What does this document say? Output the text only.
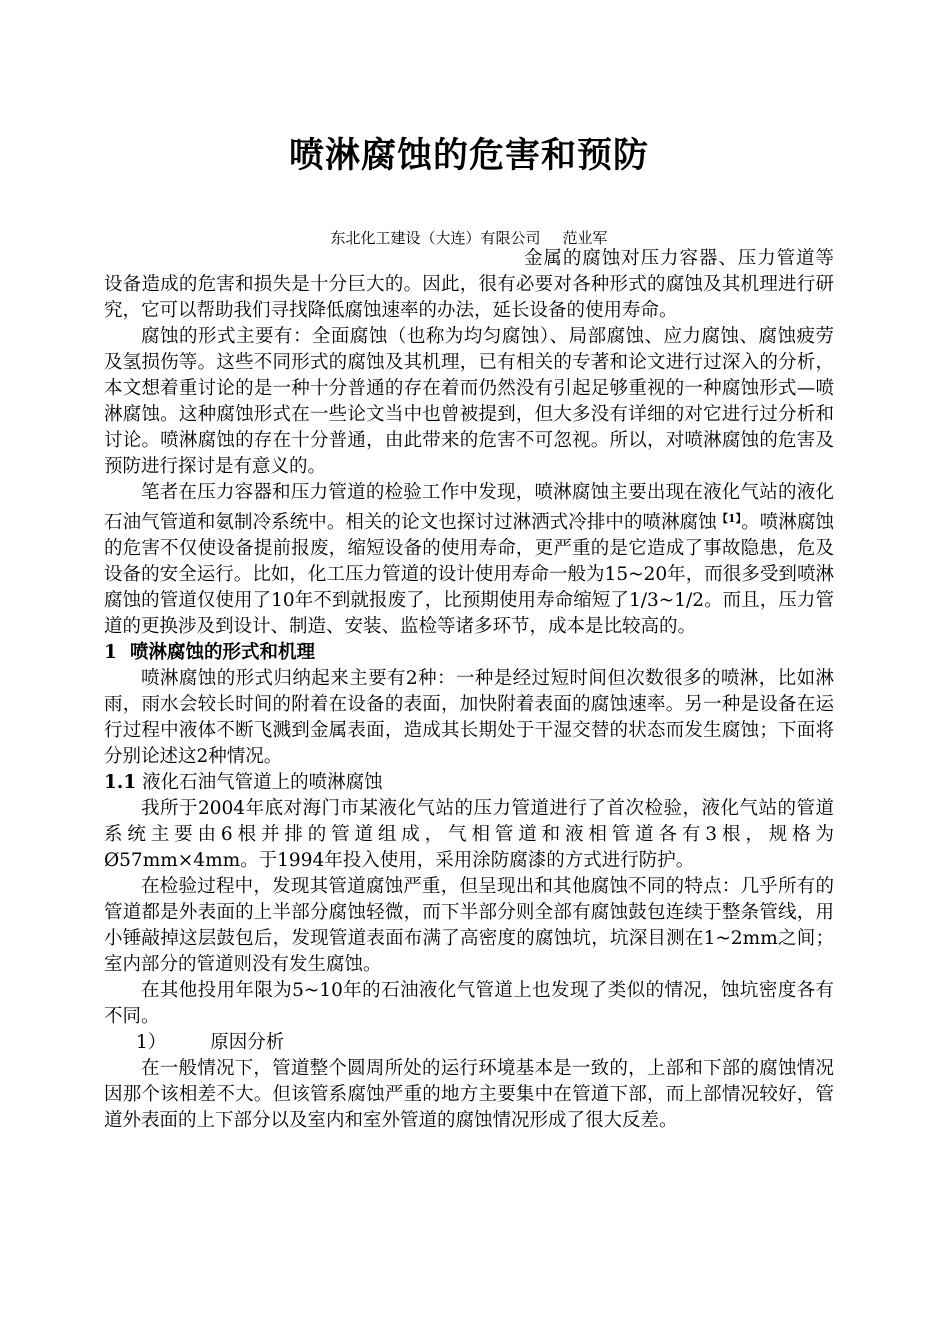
喷淋腐蚀的危害和预防
东北化工建设（大连）有限公司 范业军

金属的腐蚀对压力容器、压力管道等设备造成的危害和损失是十分巨大的。因此，很有必要对各种形式的腐蚀及其机理进行研究，它可以帮助我们寻找降低腐蚀速率的办法，延长设备的使用寿命。

腐蚀的形式主要有：全面腐蚀（也称为均匀腐蚀）、局部腐蚀、应力腐蚀、腐蚀疲劳及氢损伤等。这些不同形式的腐蚀及其机理，已有相关的专著和论文进行过深入的分析，本文想着重讨论的是一种十分普通的存在着而仍然没有引起足够重视的一种腐蚀形式—喷淋腐蚀。这种腐蚀形式在一些论文当中也曾被提到，但大多没有详细的对它进行过分析和讨论。喷淋腐蚀的存在十分普通，由此带来的危害不可忽视。所以，对喷淋腐蚀的危害及预防进行探讨是有意义的。

笔者在压力容器和压力管道的检验工作中发现，喷淋腐蚀主要出现在液化气站的液化石油气管道和氨制冷系统中。相关的论文也探讨过淋洒式冷排中的喷淋腐蚀$^{【1】}$。喷淋腐蚀的危害不仅使设备提前报废，缩短设备的使用寿命，更严重的是它造成了事故隐患，危及设备的安全运行。比如，化工压力管道的设计使用寿命一般为15~20年，而很多受到喷淋腐蚀的管道仅使用了10年不到就报废了，比预期使用寿命缩短了1/3~1/2。而且，压力管道的更换涉及到设计、制造、安装、监检等诸多环节，成本是比较高的。

1 喷淋腐蚀的形式和机理

喷淋腐蚀的形式归纳起来主要有2种：一种是经过短时间但次数很多的喷淋，比如淋雨，雨水会较长时间的附着在设备的表面，加快附着表面的腐蚀速率。另一种是设备在运行过程中液体不断飞溅到金属表面，造成其长期处于干湿交替的状态而发生腐蚀；下面将分别论述这2种情况。

1.1 液化石油气管道上的喷淋腐蚀

我所于2004年底对海门市某液化气站的压力管道进行了首次检验，液化气站的管道系统主要由6根并排的管道组成，气相管道和液相管道各有3根，规格为Ø57mm×4mm。于1994年投入使用，采用涂防腐漆的方式进行防护。

在检验过程中，发现其管道腐蚀严重，但呈现出和其他腐蚀不同的特点：几乎所有的管道都是外表面的上半部分腐蚀轻微，而下半部分则全部有腐蚀鼓包连续于整条管线，用小锤敲掉这层鼓包后，发现管道表面布满了高密度的腐蚀坑，坑深目测在1~2mm之间；室内部分的管道则没有发生腐蚀。

在其他投用年限为5~10年的石油液化气管道上也发现了类似的情况，蚀坑密度各有不同。

1） 原因分析

在一般情况下，管道整个圆周所处的运行环境基本是一致的，上部和下部的腐蚀情况因那个该相差不大。但该管系腐蚀严重的地方主要集中在管道下部，而上部情况较好，管道外表面的上下部分以及室内和室外管道的腐蚀情况形成了很大反差。
